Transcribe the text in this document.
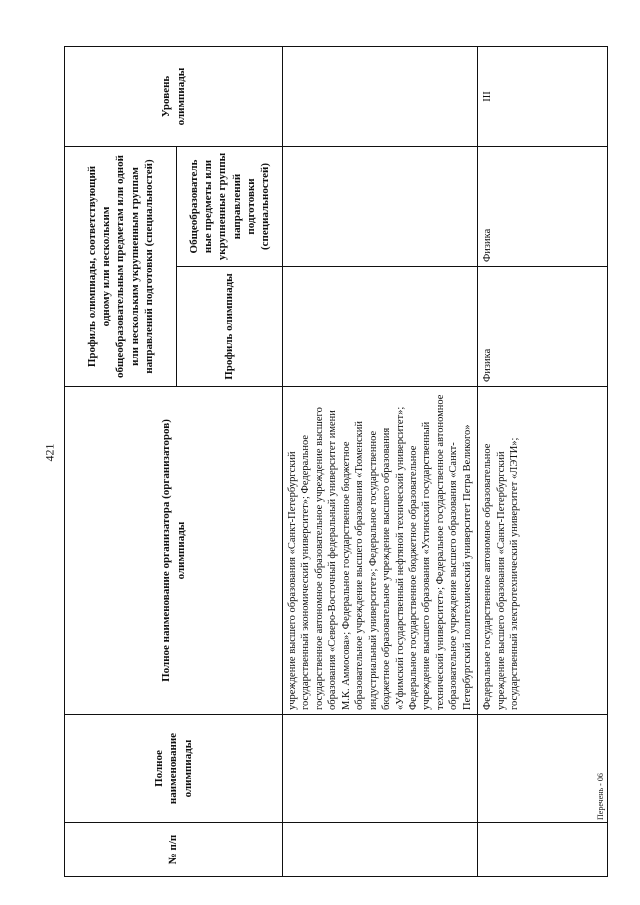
421
№ п/п	Полное наименование олимпиады	Полное наименование организатора (организаторов) олимпиады	Профиль олимпиады, соответствующий одному или нескольким общеобразовательным предметам или одной или нескольким укрупненным группам направлений подготовки (специальностей)		Уровень олимпиады
			Профиль олимпиады	Общеобразователь ные предметы или укрупненные группы направлений подготовки (специальностей)	
		учреждение высшего образования «Санкт-Петербургский государственный экономический университет»; Федеральное государственное автономное образовательное учреждение высшего образования «Северо-Восточный федеральный университет имени М.К. Аммосова»; Федеральное государственное бюджетное образовательное учреждение высшего образования «Тюменский индустриальный университет»; Федеральное государственное бюджетное образовательное учреждение высшего образования «Уфимский государственный нефтяной технический университет»; Федеральное государственное бюджетное образовательное учреждение высшего образования «Ухтинский государственный технический университет»; Федеральное государственное автономное образовательное учреждение высшего образования «Санкт-Петербургский политехнический университет Петра Великого»			
		Федеральное государственное автономное образовательное учреждение высшего образования «Санкт-Петербургский государственный электротехнический университет «ЛЭТИ»;	Физика	Физика	III
Перечень - 06
